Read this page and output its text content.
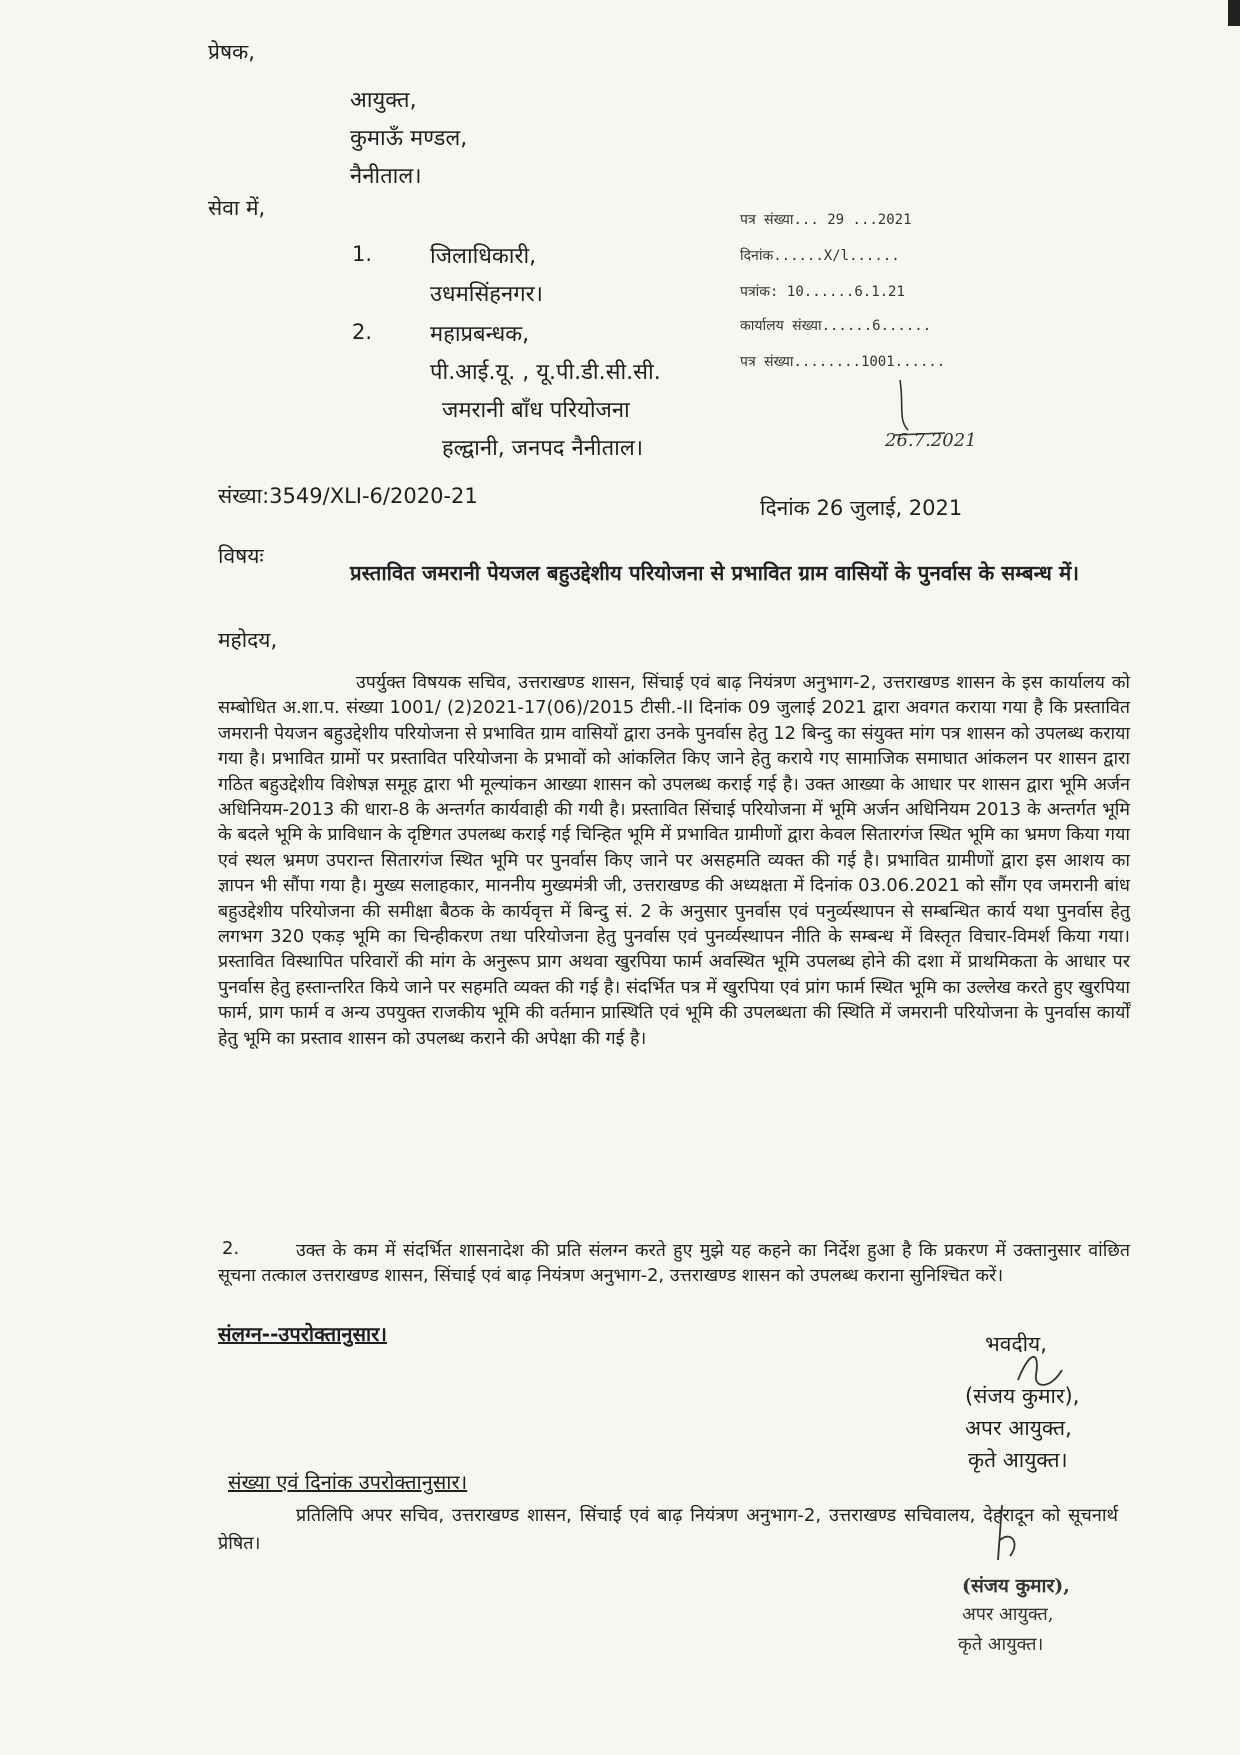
प्रेषक,
आयुक्त,
कुमाऊँ मण्डल,
नैनीताल।
सेवा में,
1.	जिलाधिकारी,
उधमसिंहनगर।
2.	महाप्रबन्धक,
पी.आई.यू. , यू.पी.डी.सी.सी.
जमरानी बाँध परियोजना
हल्द्वानी, जनपद नैनीताल।
पत्र संख्या... 29 ...2021
दिनांक......X/l......
पत्रांक: 10......6.1.21
कार्यालय संख्या......6......
पत्र संख्या........1001......
26.7.2021
संख्या:3549/XLI-6/2020-21	दिनांक 26 जुलाई, 2021
विषयः
प्रस्तावित जमरानी पेयजल बहुउद्देशीय परियोजना से प्रभावित ग्राम वासियों के पुनर्वास के सम्बन्ध में।
महोदय,
उपर्युक्त विषयक सचिव, उत्तराखण्ड शासन, सिंचाई एवं बाढ़ नियंत्रण अनुभाग-2, उत्तराखण्ड शासन के इस कार्यालय को सम्बोधित अ.शा.प. संख्या 1001/ (2)2021-17(06)/2015 टीसी.-II दिनांक 09 जुलाई 2021 द्वारा अवगत कराया गया है कि प्रस्तावित जमरानी पेयजन बहुउद्देशीय परियोजना से प्रभावित ग्राम वासियों द्वारा उनके पुनर्वास हेतु 12 बिन्दु का संयुक्त मांग पत्र शासन को उपलब्ध कराया गया है। प्रभावित ग्रामों पर प्रस्तावित परियोजना के प्रभावों को आंकलित किए जाने हेतु कराये गए सामाजिक समाघात आंकलन पर शासन द्वारा गठित बहुउद्देशीय विशेषज्ञ समूह द्वारा भी मूल्यांकन आख्या शासन को उपलब्ध कराई गई है। उक्त आख्या के आधार पर शासन द्वारा भूमि अर्जन अधिनियम-2013 की धारा-8 के अन्तर्गत कार्यवाही की गयी है। प्रस्तावित सिंचाई परियोजना में भूमि अर्जन अधिनियम 2013 के अन्तर्गत भूमि के बदले भूमि के प्राविधान के दृष्टिगत उपलब्ध कराई गई चिन्हित भूमि में प्रभावित ग्रामीणों द्वारा केवल सितारगंज स्थित भूमि का भ्रमण किया गया एवं स्थल भ्रमण उपरान्त सितारगंज स्थित भूमि पर पुनर्वास किए जाने पर असहमति व्यक्त की गई है। प्रभावित ग्रामीणों द्वारा इस आशय का ज्ञापन भी सौंपा गया है। मुख्य सलाहकार, माननीय मुख्यमंत्री जी, उत्तराखण्ड की अध्यक्षता में दिनांक 03.06.2021 को सौंग एव जमरानी बांध बहुउद्देशीय परियोजना की समीक्षा बैठक के कार्यवृत्त में बिन्दु सं. 2 के अनुसार पुनर्वास एवं पनुर्व्यस्थापन से सम्बन्धित कार्य यथा पुनर्वास हेतु लगभग 320 एकड़ भूमि का चिन्हीकरण तथा परियोजना हेतु पुनर्वास एवं पुनर्व्यस्थापन नीति के सम्बन्ध में विस्तृत विचार-विमर्श किया गया। प्रस्तावित विस्थापित परिवारों की मांग के अनुरूप प्राग अथवा खुरपिया फार्म अवस्थित भूमि उपलब्ध होने की दशा में प्राथमिकता के आधार पर पुनर्वास हेतु हस्तान्तरित किये जाने पर सहमति व्यक्त की गई है। संदर्भित पत्र में खुरपिया एवं प्रांग फार्म स्थित भूमि का उल्लेख करते हुए खुरपिया फार्म, प्राग फार्म व अन्य उपयुक्त राजकीय भूमि की वर्तमान प्रास्थिति एवं भूमि की उपलब्धता की स्थिति में जमरानी परियोजना के पुनर्वास कार्यों हेतु भूमि का प्रस्ताव शासन को उपलब्ध कराने की अपेक्षा की गई है।
2.	उक्त के कम में संदर्भित शासनादेश की प्रति संलग्न करते हुए मुझे यह कहने का निर्देश हुआ है कि प्रकरण में उक्तानुसार वांछित सूचना तत्काल उत्तराखण्ड शासन, सिंचाई एवं बाढ़ नियंत्रण अनुभाग-2, उत्तराखण्ड शासन को उपलब्ध कराना सुनिश्चित करें।
संलग्न--उपरोक्तानुसार।	भवदीय,
(संजय कुमार),
अपर आयुक्त,
कृते आयुक्त।
संख्या एवं दिनांक उपरोक्तानुसार।
प्रतिलिपि अपर सचिव, उत्तराखण्ड शासन, सिंचाई एवं बाढ़ नियंत्रण अनुभाग-2, उत्तराखण्ड सचिवालय, देहरादून को सूचनार्थ प्रेषित।
(संजय कुमार),
अपर आयुक्त,
कृते आयुक्त।
